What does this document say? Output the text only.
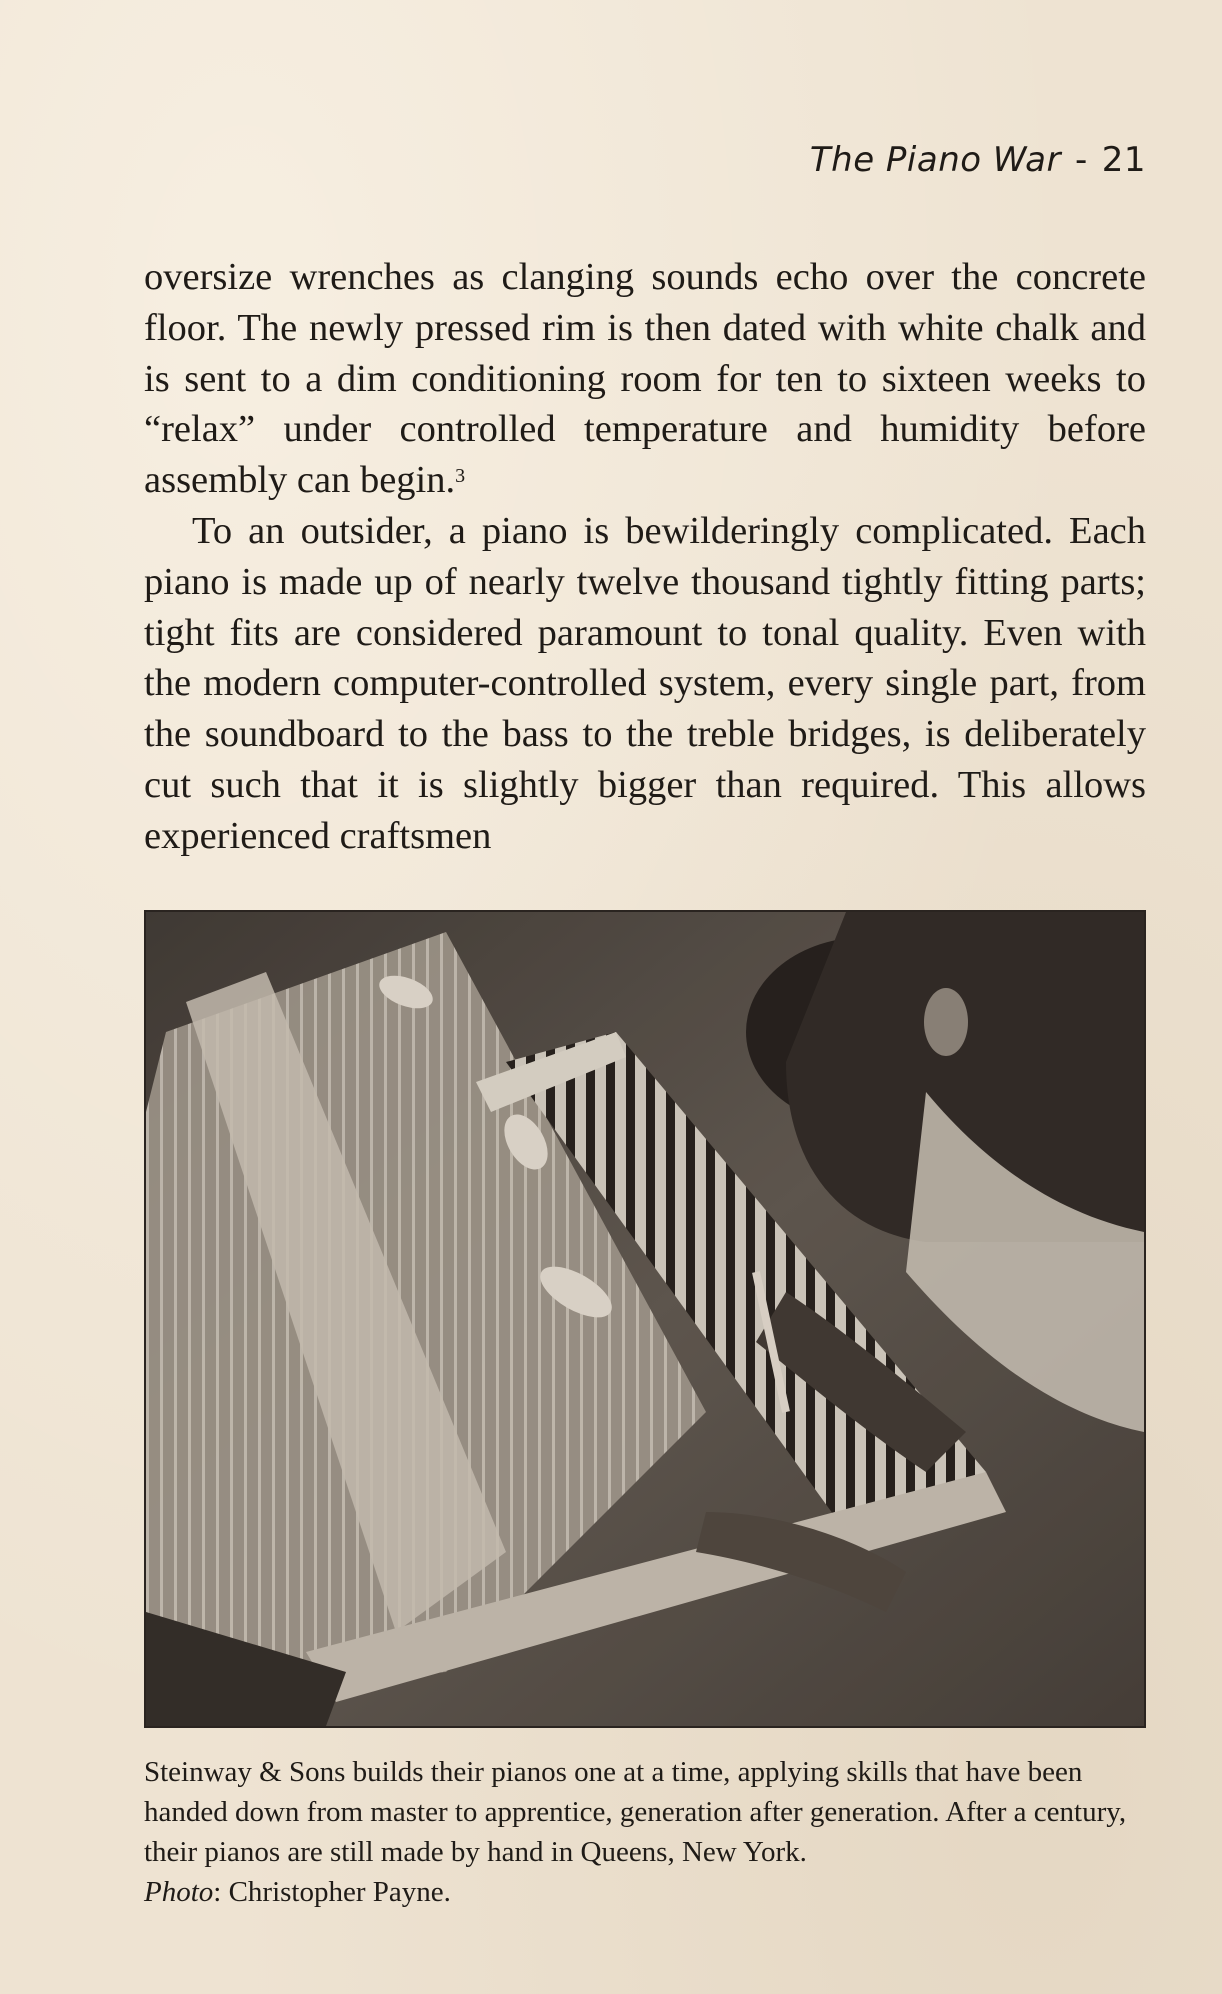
The Piano War - 21

oversize wrenches as clanging sounds echo over the concrete floor. The newly pressed rim is then dated with white chalk and is sent to a dim conditioning room for ten to sixteen weeks to “relax” under controlled temperature and humidity before assembly can begin.$^3$

To an outsider, a piano is bewilderingly complicated. Each piano is made up of nearly twelve thousand tightly fitting parts; tight fits are considered paramount to tonal quality. Even with the modern computer-controlled system, every single part, from the soundboard to the bass to the treble bridges, is deliberately cut such that it is slightly bigger than required. This allows experienced craftsmen

Steinway & Sons builds their pianos one at a time, applying skills that have been handed down from master to apprentice, generation after generation. After a century, their pianos are still made by hand in Queens, New York.

Photo: Christopher Payne.
